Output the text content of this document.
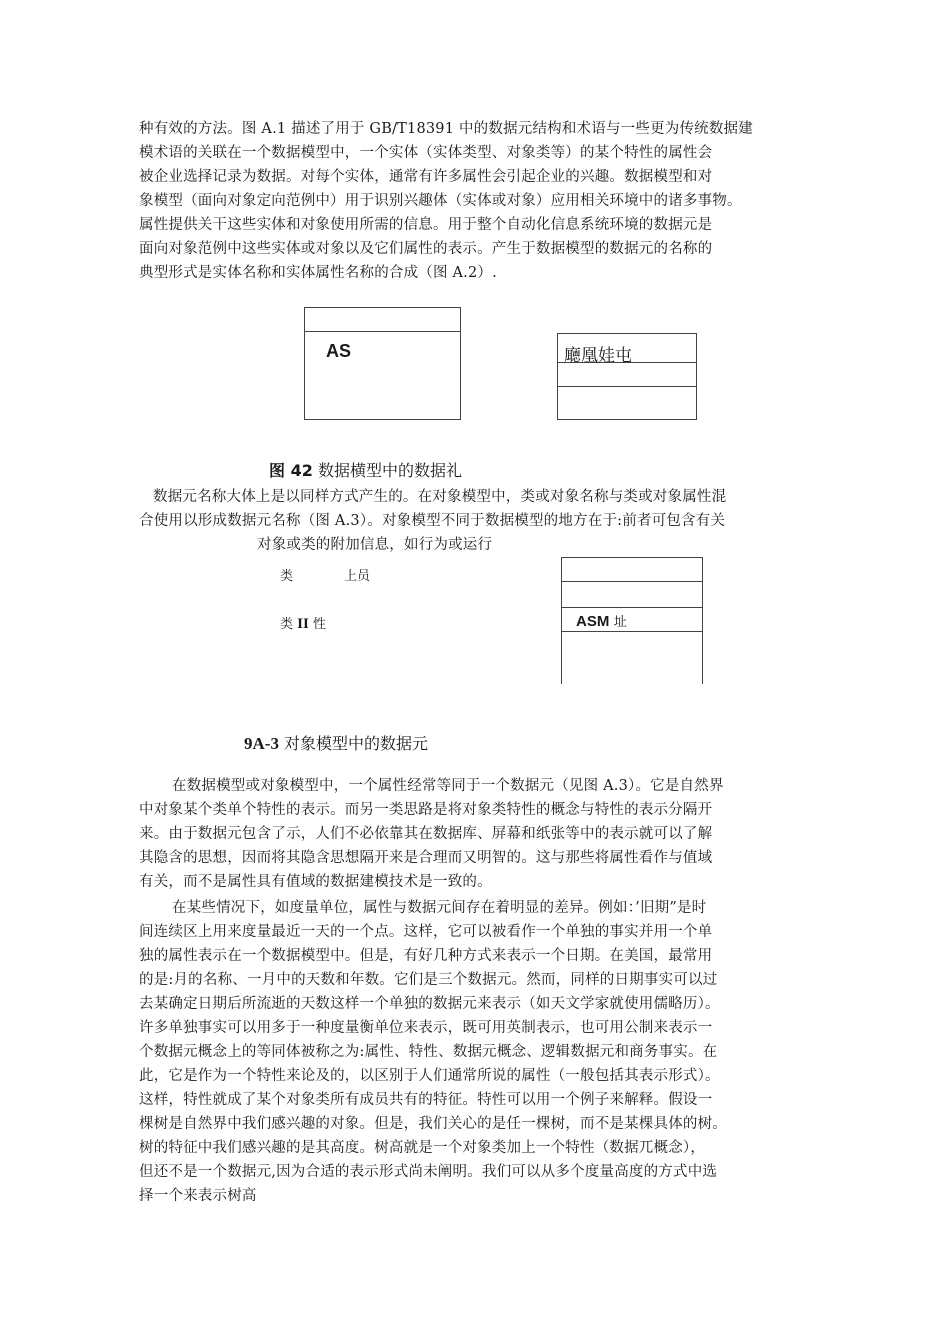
种有效的方法。图 A.1 描述了用于 GB/T18391 中的数据元结构和术语与一些更为传统数据建
模术语的关联在一个数据模型中，一个实体（实体类型、对象类等）的某个特性的属性会
被企业选择记录为数据。对每个实体，通常有许多属性会引起企业的兴趣。数据模型和对
象模型（面向对象定向范例中）用于识别兴趣体（实体或对象）应用相关环境中的诸多事物。
属性提供关干这些实体和对象使用所需的信息。用于整个自动化信息系统环境的数据元是
面向对象范例中这些实体或对象以及它们属性的表示。产生于数据模型的数据元的名称的
典型形式是实体名称和实体属性名称的合成（图 A.2）.
AS	廰凰娃屯
图 42 数据横型中的数据礼
数据元名称大体上是以同样方式产生的。在对象模型中，类或对象名称与类或对象属性混
合使用以形成数据元名称（图 A.3）。对象模型不同于数据模型的地方在于:前者可包含有关
对象或类的附加信息，如行为或运行
类	上员
类 II 性	ASM 址
9A-3 对象模型中的数据元
在数据模型或对象模型中，一个属性经常等同于一个数据元（见图 A.3）。它是自然界
中对象某个类单个特性的表示。而另一类思路是将对象类特性的概念与特性的表示分隔开
来。由于数据元包含了示，人们不必依靠其在数据库、屏幕和纸张等中的表示就可以了解
其隐含的思想，因而将其隐含思想隔开来是合理而又明智的。这与那些将属性看作与值域
有关，而不是属性具有值域的数据建模技术是一致的。
在某些情况下，如度量单位，属性与数据元间存在着明显的差异。例如：’旧期”是时
间连续区上用来度量最近一天的一个点。这样，它可以被看作一个单独的事实并用一个单
独的属性表示在一个数据模型中。但是，有好几种方式来表示一个日期。在美国，最常用
的是:月的名称、一月中的天数和年数。它们是三个数据元。然而，同样的日期事实可以过
去某确定日期后所流逝的天数这样一个单独的数据元来表示（如天文学家就使用儒略历）。
许多单独事实可以用多于一种度量衡单位来表示，既可用英制表示，也可用公制来表示一
个数据元概念上的等同体被称之为:属性、特性、数据元概念、逻辑数据元和商务事实。在
此，它是作为一个特性来论及的，以区别于人们通常所说的属性（一般包括其表示形式）。
这样，特性就成了某个对象类所有成员共有的特征。特性可以用一个例子来解释。假设一
棵树是自然界中我们感兴趣的对象。但是，我们关心的是任一棵树，而不是某棵具体的树。
树的特征中我们感兴趣的是其高度。树高就是一个对象类加上一个特性（数据兀概念），
但还不是一个数据元,因为合适的表示形式尚未阐明。我们可以从多个度量高度的方式中选
择一个来表示树高
